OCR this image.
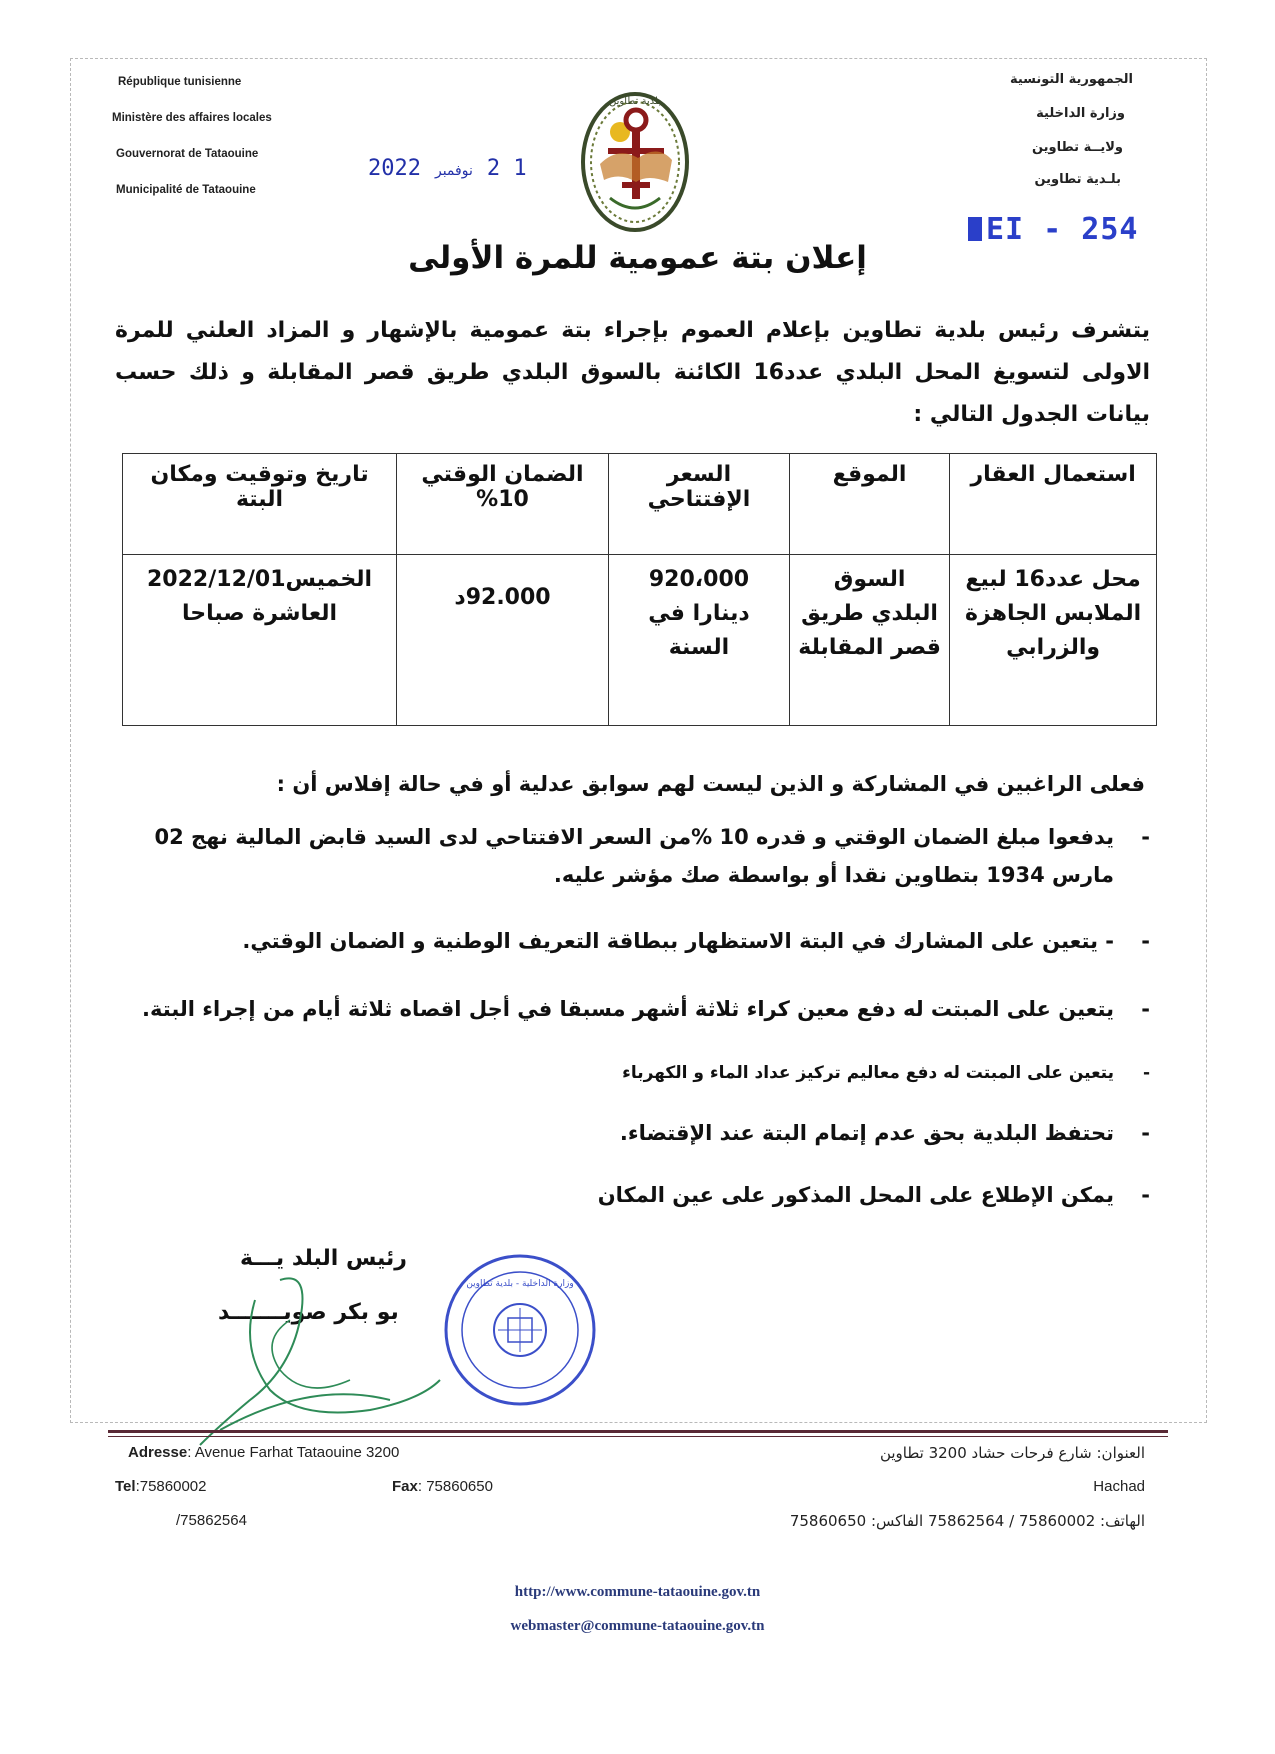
République tunisienne
Ministère des affaires locales
Gouvernorat de Tataouine
Municipalité de Tataouine
الجمهورية التونسية
وزارة الداخلية
ولايــة تطاوين
بلـدية تطاوين
2022 نوفمبر 2 1
EI - 254
بلدية تطاوين
إعلان بتة عمومية للمرة الأولى
يتشرف رئيس بلدية تطاوين بإعلام العموم بإجراء بتة عمومية بالإشهار و المزاد العلني للمرة الاولى لتسويغ المحل البلدي عدد16 الكائنة بالسوق البلدي طريق قصر المقابلة و ذلك حسب بيانات الجدول التالي :
استعمال العقار	الموقع	السعر الإفتتاحي	الضمان الوقتي 10%	تاريخ وتوقيت ومكان البتة
محل عدد16 لبيع الملابس الجاهزة والزرابي	السوق البلدي طريق قصر المقابلة	920،000 دينارا في السنة	92.000د	الخميس2022/12/01 العاشرة صباحا
فعلى الراغبين في المشاركة و الذين ليست لهم سوابق عدلية أو في حالة إفلاس أن :
- يدفعوا مبلغ الضمان الوقتي و قدره 10 %من السعر الافتتاحي لدى السيد قابض المالية نهج 02 مارس 1934 بتطاوين نقدا أو بواسطة صك مؤشر عليه.
- - يتعين على المشارك في البتة الاستظهار ببطاقة التعريف الوطنية و الضمان الوقتي.
- يتعين على المبتت له دفع معين كراء ثلاثة أشهر مسبقا في أجل اقصاه ثلاثة أيام من إجراء البتة.
- يتعين على المبتت له دفع معاليم تركيز عداد الماء و الكهرباء
- تحتفظ البلدية بحق عدم إتمام البتة عند الإقتضاء.
- يمكن الإطلاع على المحل المذكور على عين المكان
رئيس البلد يـــة
بو بكر صويـــــــد
وزارة الداخلية - بلدية تطاوين
Adresse: Avenue Farhat Tataouine 3200
Tel:75860002
/75862564
Fax: 75860650
العنوان: شارع فرحات حشاد 3200 تطاوين
Hachad
الهاتف: 75860002 / 75862564 الفاكس: 75860650
http://www.commune-tataouine.gov.tn
webmaster@commune-tataouine.gov.tn
